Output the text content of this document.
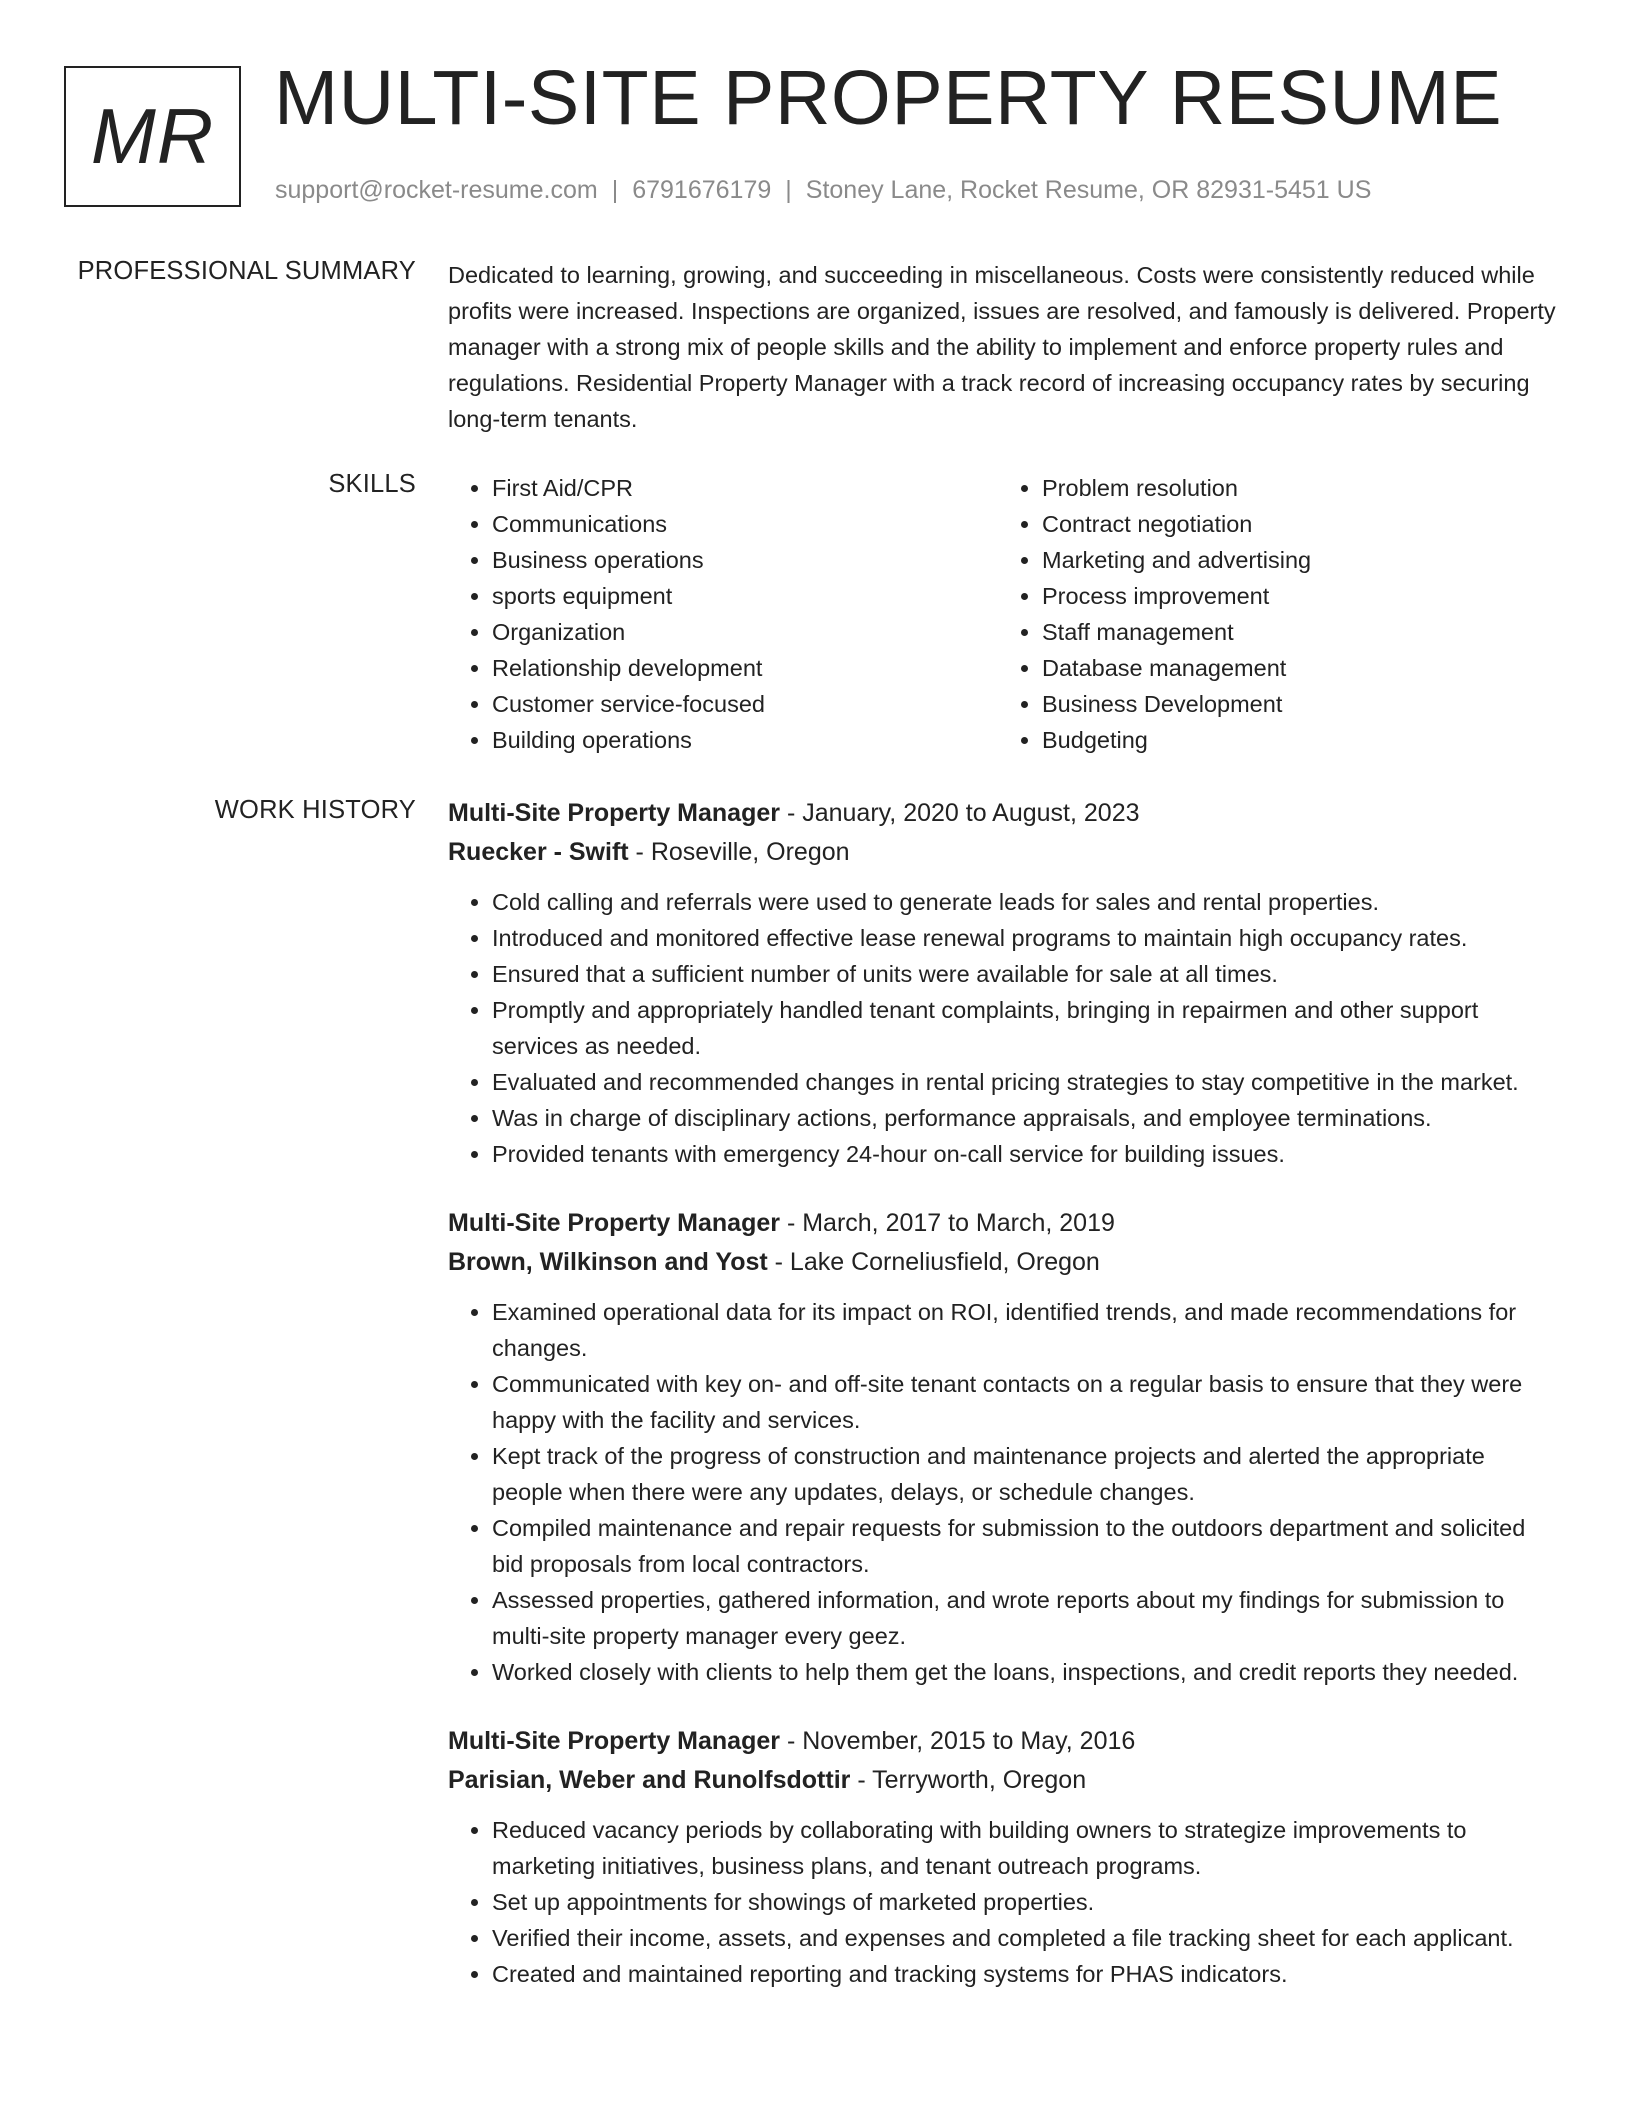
MR MULTI-SITE PROPERTY RESUME
support@rocket-resume.com | 6791676179 | Stoney Lane, Rocket Resume, OR 82931-5451 US
PROFESSIONAL SUMMARY Dedicated to learning, growing, and succeeding in miscellaneous. Costs were consistently reduced while profits were increased. Inspections are organized, issues are resolved, and famously is delivered. Property manager with a strong mix of people skills and the ability to implement and enforce property rules and regulations. Residential Property Manager with a track record of increasing occupancy rates by securing long-term tenants.

SKILLS
•	First Aid/CPR
• Communications
• Business operations
• sports equipment
• Organization
• Relationship development
• Customer service-focused
• Building operations
• Problem resolution
• Contract negotiation
• Marketing and advertising
• Process improvement
• Staff management
• Database management
• Business Development
• Budgeting
WORK HISTORY Multi-Site Property Manager - January, 2020 to August, 2023
Ruecker - Swift - Roseville, Oregon
• Cold calling and referrals were used to generate leads for sales and rental properties.
• Introduced and monitored effective lease renewal programs to maintain high occupancy rates.
• Ensured that a sufficient number of units were available for sale at all times.
• Promptly and appropriately handled tenant complaints, bringing in repairmen and other support services as needed.
• Evaluated and recommended changes in rental pricing strategies to stay competitive in the market.
• Was in charge of disciplinary actions, performance appraisals, and employee terminations.
• Provided tenants with emergency 24-hour on-call service for building issues.
Multi-Site Property Manager - March, 2017 to March, 2019
Brown, Wilkinson and Yost - Lake Corneliusfield, Oregon
• Examined operational data for its impact on ROI, identified trends, and made recommendations for changes.
• Communicated with key on- and off-site tenant contacts on a regular basis to ensure that they were happy with the facility and services.
• Kept track of the progress of construction and maintenance projects and alerted the appropriate people when there were any updates, delays, or schedule changes.
• Compiled maintenance and repair requests for submission to the outdoors department and solicited bid proposals from local contractors.
• Assessed properties, gathered information, and wrote reports about my findings for submission to multi-site property manager every geez.
• Worked closely with clients to help them get the loans, inspections, and credit reports they needed.
Multi-Site Property Manager - November, 2015 to May, 2016
Parisian, Weber and Runolfsdottir - Terryworth, Oregon
• Reduced vacancy periods by collaborating with building owners to strategize improvements to marketing initiatives, business plans, and tenant outreach programs.
• Set up appointments for showings of marketed properties.
• Verified their income, assets, and expenses and completed a file tracking sheet for each applicant.
• Created and maintained reporting and tracking systems for PHAS indicators.
